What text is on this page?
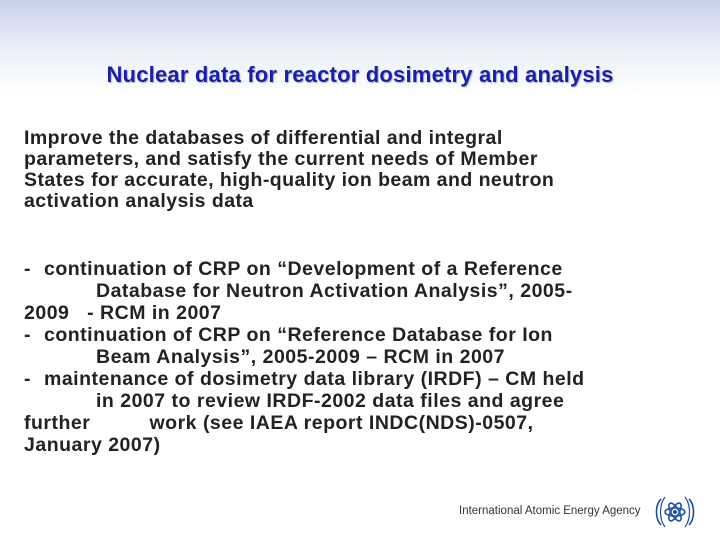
Nuclear data for reactor dosimetry and analysis
Improve the databases of differential and integral
parameters, and satisfy the current needs of Member
States for accurate, high-quality ion beam and neutron
activation analysis data
- continuation of CRP on “Development of a Reference
Database for Neutron Activation Analysis”, 2005-
2009   - RCM in 2007
- continuation of CRP on “Reference Database for Ion
Beam Analysis”, 2005-2009 – RCM in 2007
- maintenance of dosimetry data library (IRDF) – CM held
in 2007 to review IRDF-2002 data files and agree
further          work (see IAEA report INDC(NDS)-0507,
January 2007)
International Atomic Energy Agency
